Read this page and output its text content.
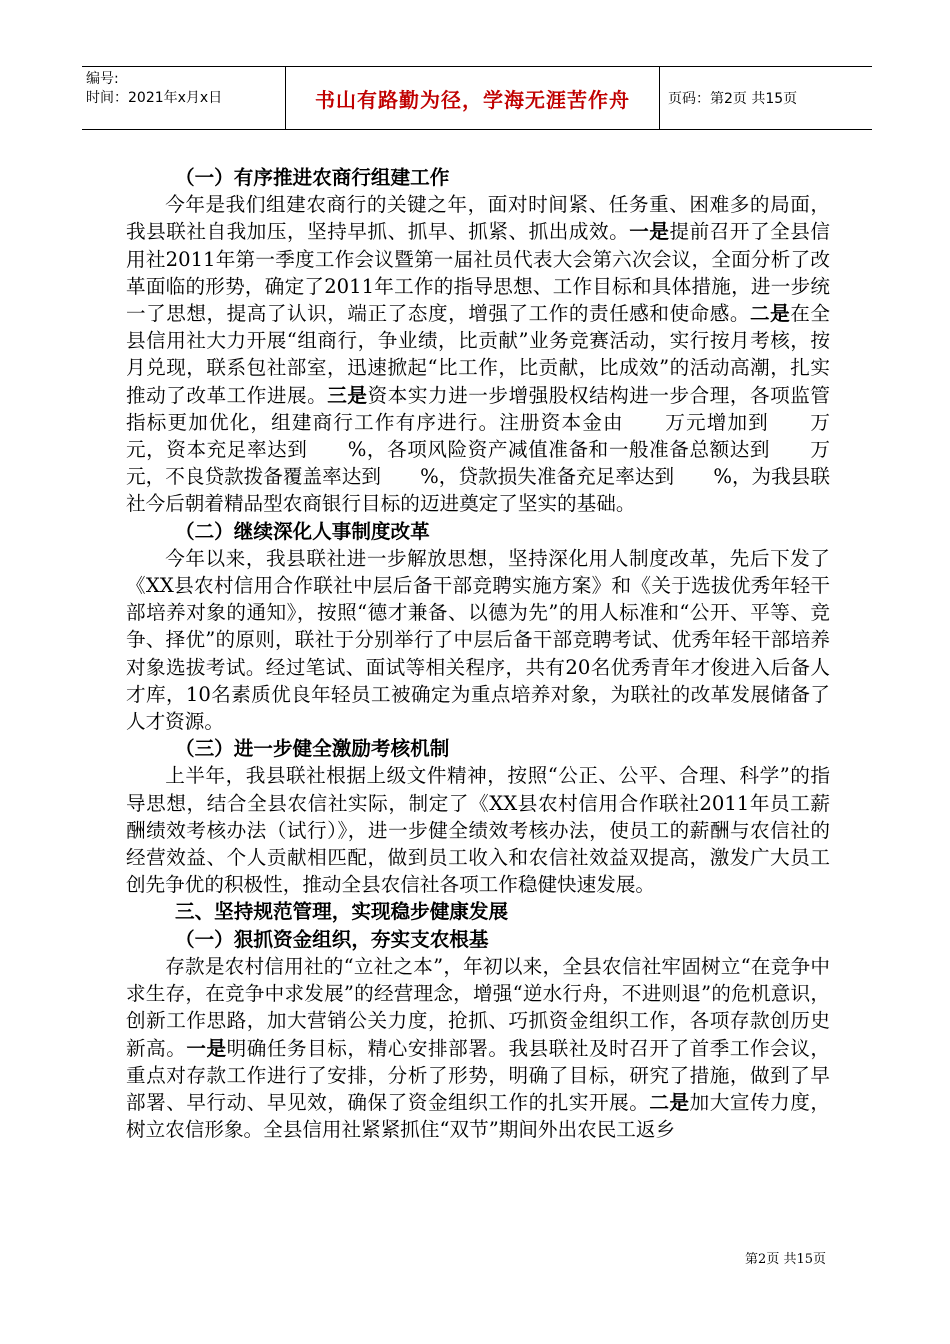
编号:
时间：2021年x月x日	书山有路勤为径，学海无涯苦作舟	页码：第2页 共15页

（一）有序推进农商行组建工作

今年是我们组建农商行的关键之年，面对时间紧、任务重、困难多的局面，我县联社自我加压，坚持早抓、抓早、抓紧、抓出成效。一是提前召开了全县信用社2011年第一季度工作会议暨第一届社员代表大会第六次会议，全面分析了改革面临的形势，确定了2011年工作的指导思想、工作目标和具体措施，进一步统一了思想，提高了认识，端正了态度，增强了工作的责任感和使命感。二是在全县信用社大力开展“组商行，争业绩，比贡献”业务竞赛活动，实行按月考核，按月兑现，联系包社部室，迅速掀起“比工作，比贡献，比成效”的活动高潮，扎实推动了改革工作进展。三是资本实力进一步增强股权结构进一步合理，各项监管指标更加优化，组建商行工作有序进行。注册资本金由　　万元增加到　　万元，资本充足率达到　　%，各项风险资产减值准备和一般准备总额达到　　万元，不良贷款拨备覆盖率达到　　%，贷款损失准备充足率达到　　%，为我县联社今后朝着精品型农商银行目标的迈进奠定了坚实的基础。

（二）继续深化人事制度改革

今年以来，我县联社进一步解放思想，坚持深化用人制度改革，先后下发了《XX县农村信用合作联社中层后备干部竞聘实施方案》和《关于选拔优秀年轻干部培养对象的通知》，按照“德才兼备、以德为先”的用人标准和“公开、平等、竞争、择优”的原则，联社于分别举行了中层后备干部竞聘考试、优秀年轻干部培养对象选拔考试。经过笔试、面试等相关程序，共有20名优秀青年才俊进入后备人才库，10名素质优良年轻员工被确定为重点培养对象，为联社的改革发展储备了人才资源。

（三）进一步健全激励考核机制

上半年，我县联社根据上级文件精神，按照“公正、公平、合理、科学”的指导思想，结合全县农信社实际，制定了《XX县农村信用合作联社2011年员工薪酬绩效考核办法（试行）》，进一步健全绩效考核办法，使员工的薪酬与农信社的经营效益、个人贡献相匹配，做到员工收入和农信社效益双提高，激发广大员工创先争优的积极性，推动全县农信社各项工作稳健快速发展。

三、坚持规范管理，实现稳步健康发展

（一）狠抓资金组织，夯实支农根基

存款是农村信用社的“立社之本”，年初以来，全县农信社牢固树立“在竞争中求生存，在竞争中求发展”的经营理念，增强“逆水行舟，不进则退”的危机意识，创新工作思路，加大营销公关力度，抢抓、巧抓资金组织工作，各项存款创历史新高。一是明确任务目标，精心安排部署。我县联社及时召开了首季工作会议，重点对存款工作进行了安排，分析了形势，明确了目标，研究了措施，做到了早部署、早行动、早见效，确保了资金组织工作的扎实开展。二是加大宣传力度，树立农信形象。全县信用社紧紧抓住“双节”期间外出农民工返乡

第2页 共15页
